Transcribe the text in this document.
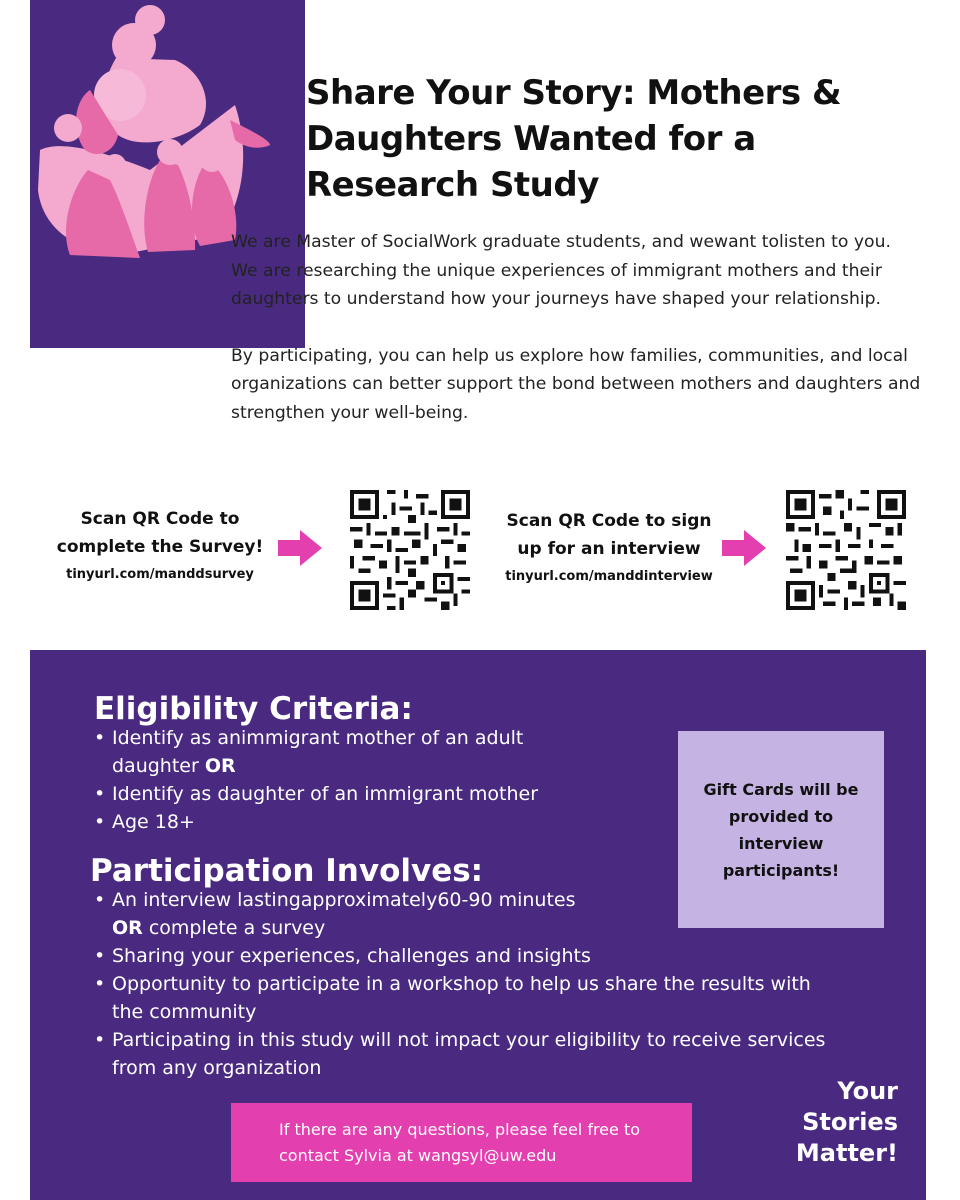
Share Your Story: Mothers & Daughters Wanted for a Research Study

We are Master of SocialWork graduate students, and wewant tolisten to you. We are researching the unique experiences of immigrant mothers and their daughters to understand how your journeys have shaped your relationship.

By participating, you can help us explore how families, communities, and local organizations can better support the bond between mothers and daughters and strengthen your well-being.

Scan QR Code to complete the Survey!
tinyurl.com/manddsurvey
Scan QR Code to sign up for an interview
tinyurl.com/manddinterview
Eligibility Criteria:
• Identify as animmigrant mother of an adult daughter OR
• Identify as daughter of an immigrant mother
• Age 18+
Participation Involves:
• An interview lastingapproximately60-90 minutes
OR complete a survey
• Sharing your experiences, challenges and insights
• Opportunity to participate in a workshop to help us share the results with the community
• Participating in this study will not impact your eligibility to receive services from any organization
Gift Cards will be provided to interview participants!
If there are any questions, please feel free to contact Sylvia at wangsyl@uw.edu
Your Stories Matter!
